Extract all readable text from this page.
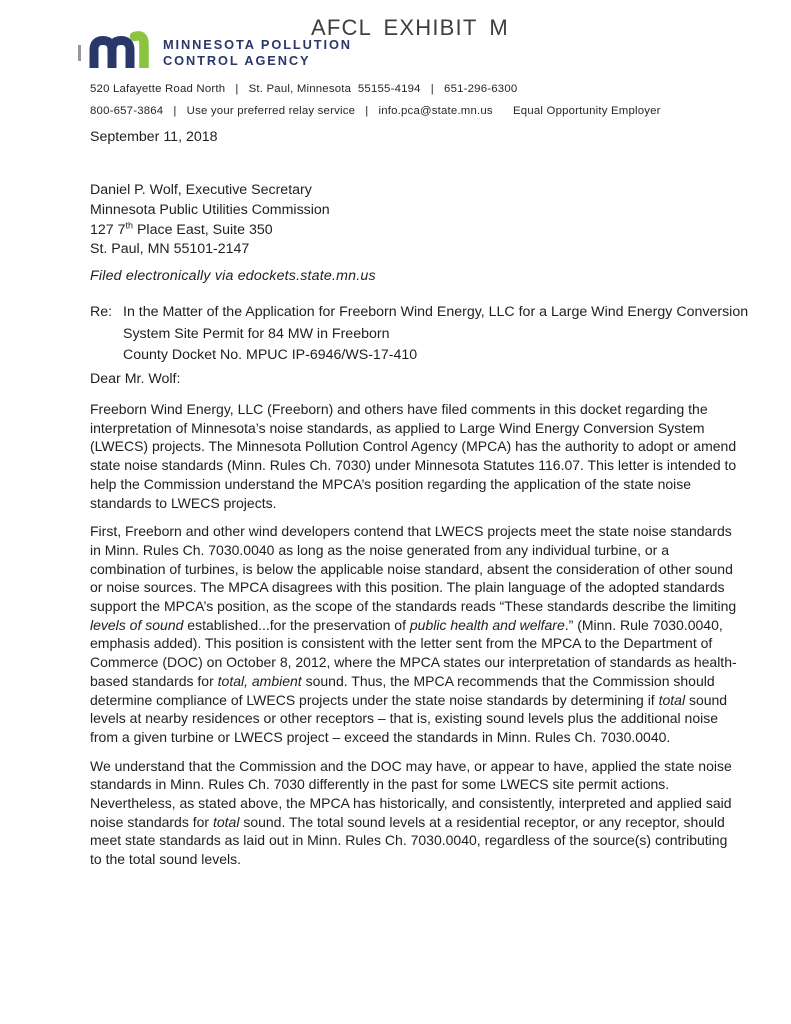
AFCL EXHIBIT M
MINNESOTA POLLUTION
CONTROL AGENCY
520 Lafayette Road North   |   St. Paul, Minnesota  55155-4194   |   651-296-6300
800-657-3864   |   Use your preferred relay service   |   info.pca@state.mn.us      Equal Opportunity Employer
September 11, 2018
Daniel P. Wolf, Executive Secretary
Minnesota Public Utilities Commission
127 7th Place East, Suite 350
St. Paul, MN 55101-2147
Filed electronically via edockets.state.mn.us
Re: In the Matter of the Application for Freeborn Wind Energy, LLC for a Large Wind Energy Conversion
System Site Permit for 84 MW in Freeborn
County Docket No. MPUC IP-6946/WS-17-410
Dear Mr. Wolf:

Freeborn Wind Energy, LLC (Freeborn) and others have filed comments in this docket regarding the interpretation of Minnesota’s noise standards, as applied to Large Wind Energy Conversion System (LWECS) projects. The Minnesota Pollution Control Agency (MPCA) has the authority to adopt or amend state noise standards (Minn. Rules Ch. 7030) under Minnesota Statutes 116.07. This letter is intended to help the Commission understand the MPCA’s position regarding the application of the state noise standards to LWECS projects.

First, Freeborn and other wind developers contend that LWECS projects meet the state noise standards in Minn. Rules Ch. 7030.0040 as long as the noise generated from any individual turbine, or a combination of turbines, is below the applicable noise standard, absent the consideration of other sound or noise sources. The MPCA disagrees with this position. The plain language of the adopted standards support the MPCA’s position, as the scope of the standards reads “These standards describe the limiting levels of sound established...for the preservation of public health and welfare.” (Minn. Rule 7030.0040, emphasis added). This position is consistent with the letter sent from the MPCA to the Department of Commerce (DOC) on October 8, 2012, where the MPCA states our interpretation of standards as health-based standards for total, ambient sound. Thus, the MPCA recommends that the Commission should determine compliance of LWECS projects under the state noise standards by determining if total sound levels at nearby residences or other receptors – that is, existing sound levels plus the additional noise from a given turbine or LWECS project – exceed the standards in Minn. Rules Ch. 7030.0040.

We understand that the Commission and the DOC may have, or appear to have, applied the state noise standards in Minn. Rules Ch. 7030 differently in the past for some LWECS site permit actions. Nevertheless, as stated above, the MPCA has historically, and consistently, interpreted and applied said noise standards for total sound. The total sound levels at a residential receptor, or any receptor, should meet state standards as laid out in Minn. Rules Ch. 7030.0040, regardless of the source(s) contributing to the total sound levels.
